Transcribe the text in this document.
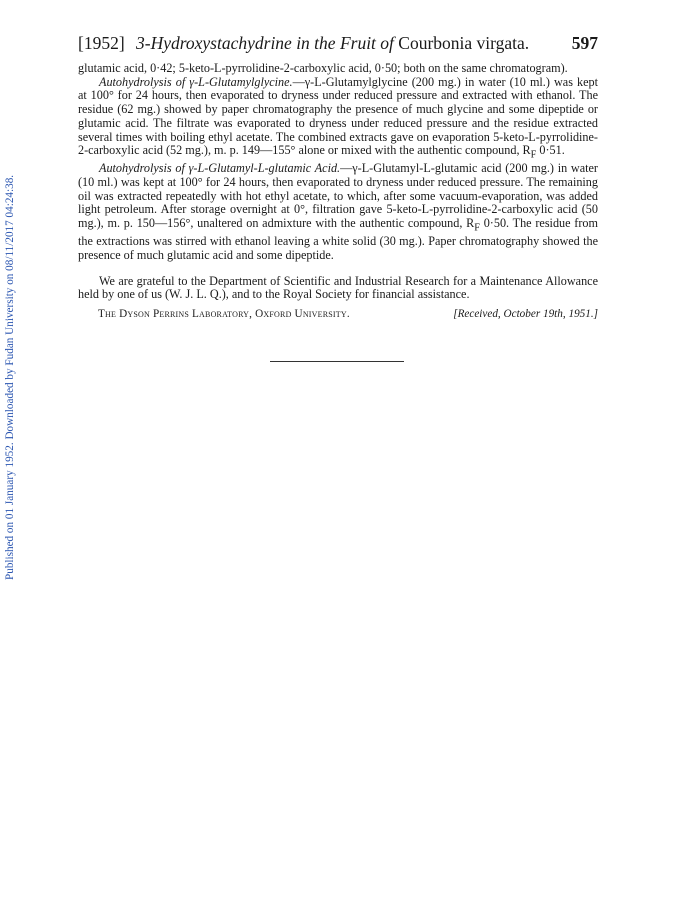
Published on 01 January 1952. Downloaded by Fudan University on 08/11/2017 04:24:38.
[1952] 3-Hydroxystachydrine in the Fruit of Courbonia virgata. 597

glutamic acid, 0·42; 5-keto-L-pyrrolidine-2-carboxylic acid, 0·50; both on the same chromatogram).

Autohydrolysis of γ-L-Glutamylglycine.—γ-L-Glutamylglycine (200 mg.) in water (10 ml.) was kept at 100° for 24 hours, then evaporated to dryness under reduced pressure and extracted with ethanol. The residue (62 mg.) showed by paper chromatography the presence of much glycine and some dipeptide or glutamic acid. The filtrate was evaporated to dryness under reduced pressure and the residue extracted several times with boiling ethyl acetate. The combined extracts gave on evaporation 5-keto-L-pyrrolidine-2-carboxylic acid (52 mg.), m. p. 149—155° alone or mixed with the authentic compound, $R_F$ 0·51.

Autohydrolysis of γ-L-Glutamyl-L-glutamic Acid.—γ-L-Glutamyl-L-glutamic acid (200 mg.) in water (10 ml.) was kept at 100° for 24 hours, then evaporated to dryness under reduced pressure. The remaining oil was extracted repeatedly with hot ethyl acetate, to which, after some vacuum-evaporation, was added light petroleum. After storage overnight at 0°, filtration gave 5-keto-L-pyrrolidine-2-carboxylic acid (50 mg.), m. p. 150—156°, unaltered on admixture with the authentic compound, $R_F$ 0·50. The residue from the extractions was stirred with ethanol leaving a white solid (30 mg.). Paper chromatography showed the presence of much glutamic acid and some dipeptide.

We are grateful to the Department of Scientific and Industrial Research for a Maintenance Allowance held by one of us (W. J. L. Q.), and to the Royal Society for financial assistance.

The Dyson Perrins Laboratory, Oxford University.	[Received, October 19th, 1951.]
